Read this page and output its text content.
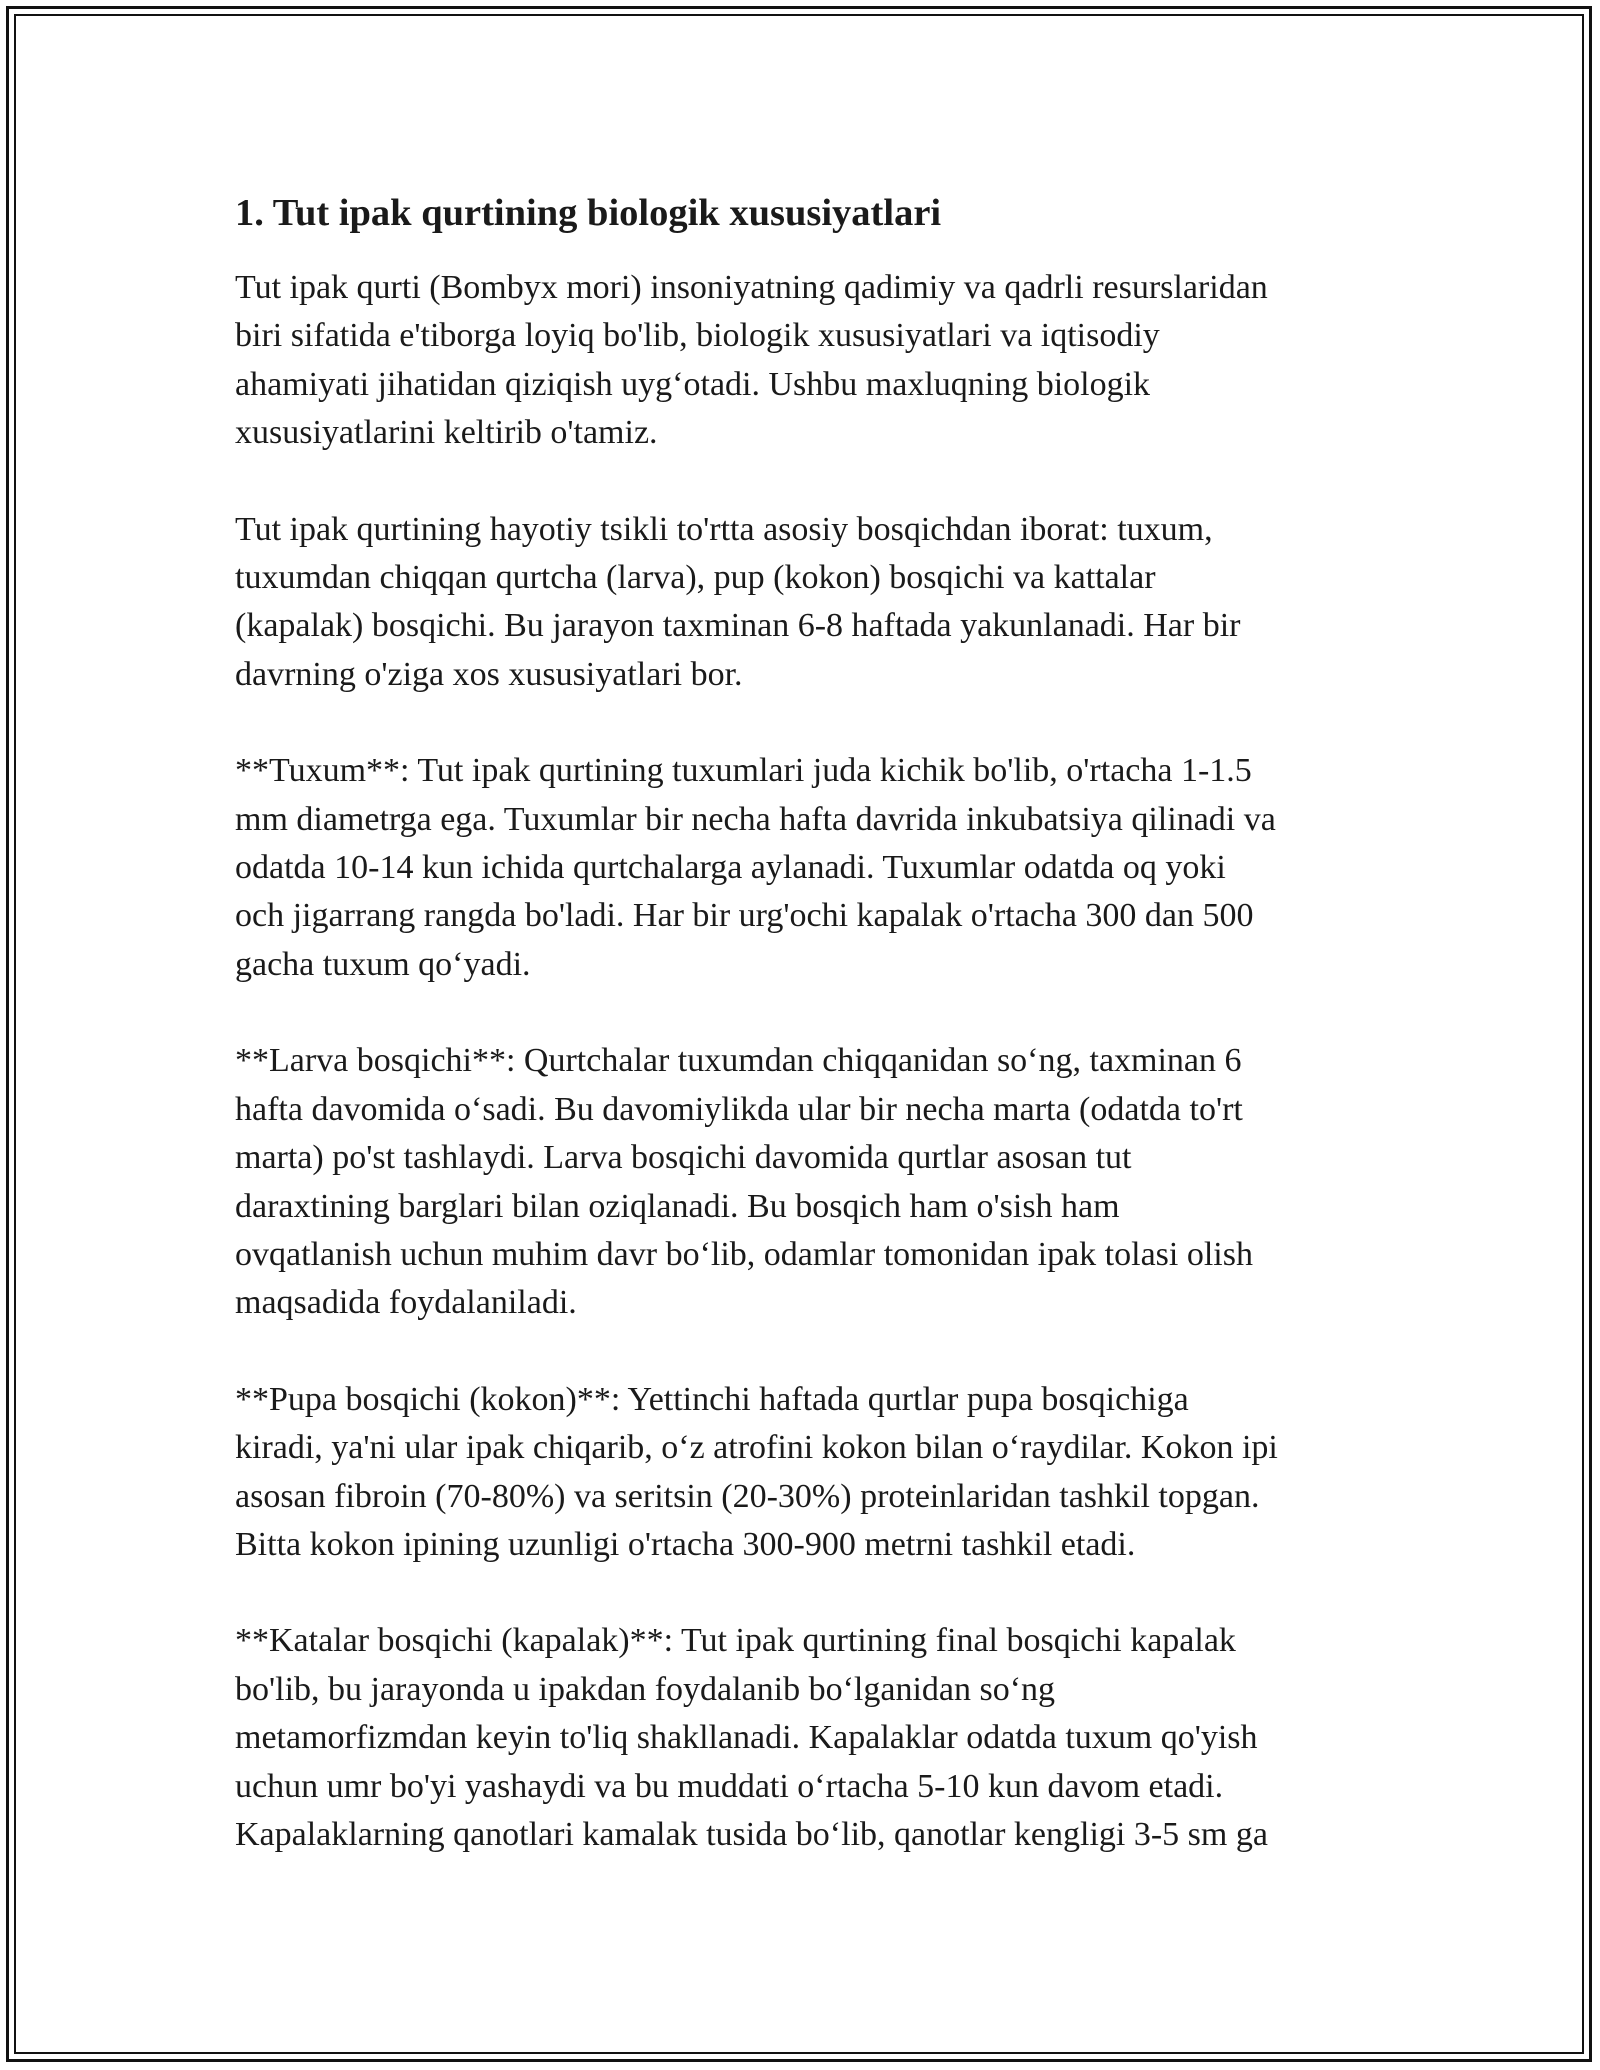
1. Tut ipak qurtining biologik xususiyatlari

Tut ipak qurti (Bombyx mori) insoniyatning qadimiy va qadrli resurslaridan
biri sifatida e'tiborga loyiq bo'lib, biologik xususiyatlari va iqtisodiy
ahamiyati jihatidan qiziqish uygʻotadi. Ushbu maxluqning biologik
xususiyatlarini keltirib o'tamiz.

Tut ipak qurtining hayotiy tsikli to'rtta asosiy bosqichdan iborat: tuxum,
tuxumdan chiqqan qurtcha (larva), pup (kokon) bosqichi va kattalar
(kapalak) bosqichi. Bu jarayon taxminan 6-8 haftada yakunlanadi. Har bir
davrning o'ziga xos xususiyatlari bor.

**Tuxum**: Tut ipak qurtining tuxumlari juda kichik bo'lib, o'rtacha 1-1.5
mm diametrga ega. Tuxumlar bir necha hafta davrida inkubatsiya qilinadi va
odatda 10-14 kun ichida qurtchalarga aylanadi. Tuxumlar odatda oq yoki
och jigarrang rangda bo'ladi. Har bir urg'ochi kapalak o'rtacha 300 dan 500
gacha tuxum qoʻyadi.

**Larva bosqichi**: Qurtchalar tuxumdan chiqqanidan soʻng, taxminan 6
hafta davomida oʻsadi. Bu davomiylikda ular bir necha marta (odatda to'rt
marta) po'st tashlaydi. Larva bosqichi davomida qurtlar asosan tut
daraxtining barglari bilan oziqlanadi. Bu bosqich ham o'sish ham
ovqatlanish uchun muhim davr boʻlib, odamlar tomonidan ipak tolasi olish
maqsadida foydalaniladi.

**Pupa bosqichi (kokon)**: Yettinchi haftada qurtlar pupa bosqichiga
kiradi, ya'ni ular ipak chiqarib, oʻz atrofini kokon bilan oʻraydilar. Kokon ipi
asosan fibroin (70-80%) va seritsin (20-30%) proteinlaridan tashkil topgan.
Bitta kokon ipining uzunligi o'rtacha 300-900 metrni tashkil etadi.

**Katalar bosqichi (kapalak)**: Tut ipak qurtining final bosqichi kapalak
bo'lib, bu jarayonda u ipakdan foydalanib boʻlganidan soʻng
metamorfizmdan keyin to'liq shakllanadi. Kapalaklar odatda tuxum qo'yish
uchun umr bo'yi yashaydi va bu muddati oʻrtacha 5-10 kun davom etadi.
Kapalaklarning qanotlari kamalak tusida boʻlib, qanotlar kengligi 3-5 sm ga
